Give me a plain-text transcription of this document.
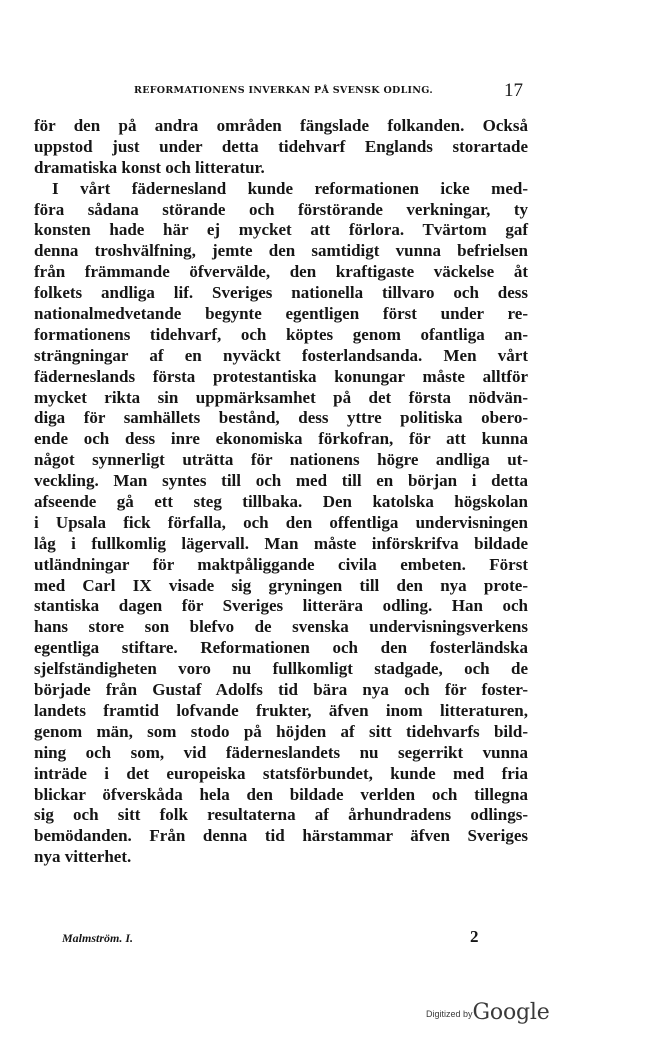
REFORMATIONENS INVERKAN PÅ SVENSK ODLING.	17
för den på andra områden fängslade folkanden. Också
uppstod just under detta tidehvarf Englands storartade
dramatiska konst och litteratur.
I vårt fädernesland kunde reformationen icke med-
föra sådana störande och förstörande verkningar, ty
konsten hade här ej mycket att förlora. Tvärtom gaf
denna troshvälfning, jemte den samtidigt vunna befrielsen
från främmande öfvervälde, den kraftigaste väckelse åt
folkets andliga lif. Sveriges nationella tillvaro och dess
nationalmedvetande begynte egentligen först under re-
formationens tidehvarf, och köptes genom ofantliga an-
strängningar af en nyväckt fosterlandsanda. Men vårt
fäderneslands första protestantiska konungar måste alltför
mycket rikta sin uppmärksamhet på det första nödvän-
diga för samhällets bestånd, dess yttre politiska obero-
ende och dess inre ekonomiska förkofran, för att kunna
något synnerligt uträtta för nationens högre andliga ut-
veckling. Man syntes till och med till en början i detta
afseende gå ett steg tillbaka. Den katolska högskolan
i Upsala fick förfalla, och den offentliga undervisningen
låg i fullkomlig lägervall. Man måste införskrifva bildade
utländningar för maktpåliggande civila embeten. Först
med Carl IX visade sig gryningen till den nya prote-
stantiska dagen för Sveriges litterära odling. Han och
hans store son blefvo de svenska undervisningsverkens
egentliga stiftare. Reformationen och den fosterländska
sjelfständigheten voro nu fullkomligt stadgade, och de
började från Gustaf Adolfs tid bära nya och för foster-
landets framtid lofvande frukter, äfven inom litteraturen,
genom män, som stodo på höjden af sitt tidehvarfs bild-
ning och som, vid fäderneslandets nu segerrikt vunna
inträde i det europeiska statsförbundet, kunde med fria
blickar öfverskåda hela den bildade verlden och tillegna
sig och sitt folk resultaterna af århundradens odlings-
bemödanden. Från denna tid härstammar äfven Sveriges
nya vitterhet.
Malmström. I.	2
Digitized byGoogle
